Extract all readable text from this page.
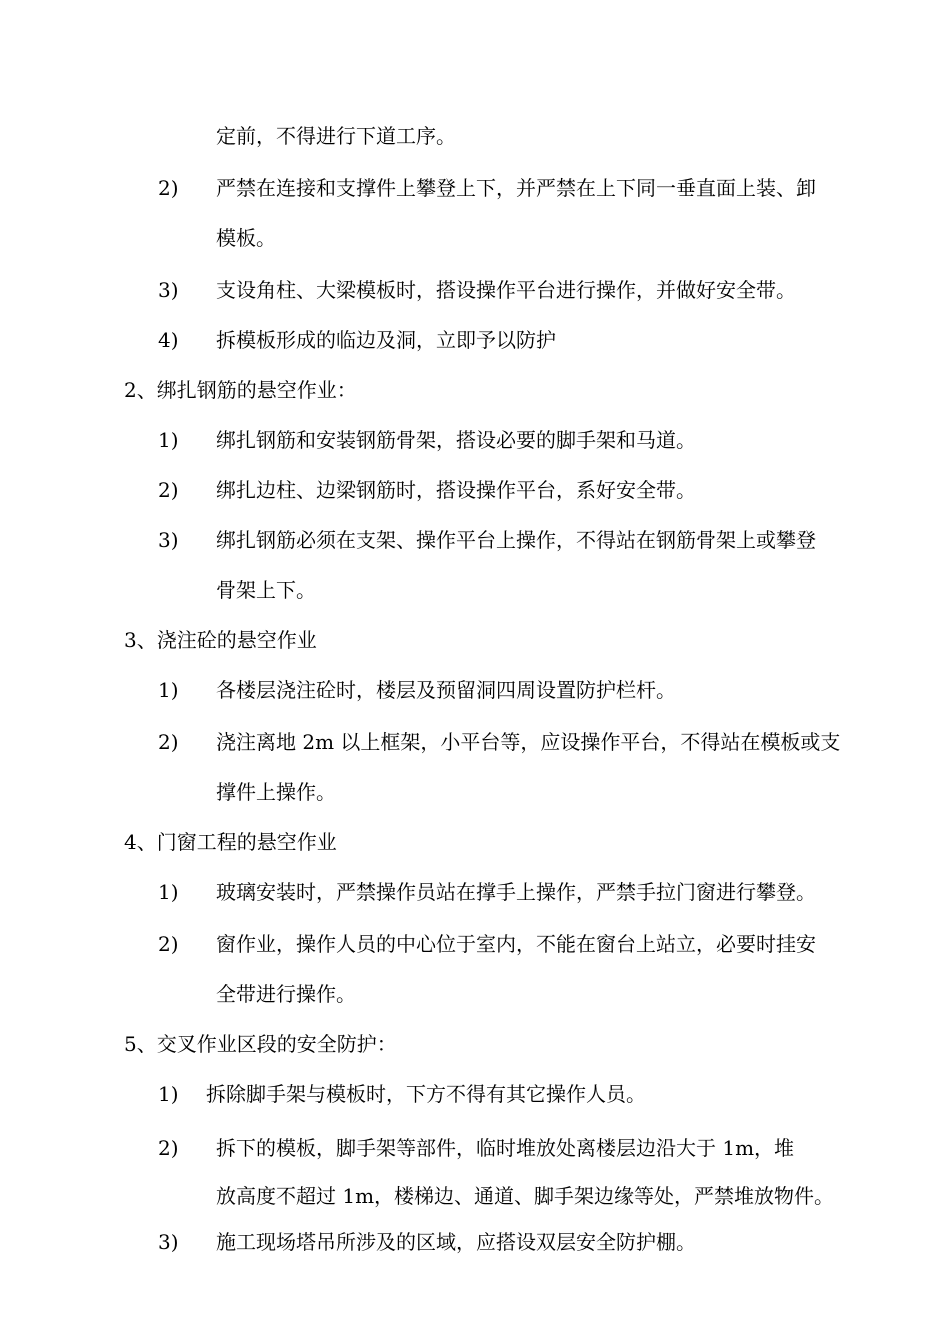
定前，不得进行下道工序。
2) 严禁在连接和支撑件上攀登上下，并严禁在上下同一垂直面上装、卸
模板。
3) 支设角柱、大梁模板时，搭设操作平台进行操作，并做好安全带。
4) 拆模板形成的临边及洞，立即予以防护
2、绑扎钢筋的悬空作业：
1) 绑扎钢筋和安装钢筋骨架，搭设必要的脚手架和马道。
2) 绑扎边柱、边梁钢筋时，搭设操作平台，系好安全带。
3) 绑扎钢筋必须在支架、操作平台上操作，不得站在钢筋骨架上或攀登
骨架上下。
3、浇注砼的悬空作业
1) 各楼层浇注砼时，楼层及预留洞四周设置防护栏杆。
2) 浇注离地 2m 以上框架，小平台等，应设操作平台，不得站在模板或支
撑件上操作。
4、门窗工程的悬空作业
1) 玻璃安装时，严禁操作员站在撑手上操作，严禁手拉门窗进行攀登。
2) 窗作业，操作人员的中心位于室内，不能在窗台上站立，必要时挂安
全带进行操作。
5、交叉作业区段的安全防护：
1) 拆除脚手架与模板时，下方不得有其它操作人员。
2) 拆下的模板，脚手架等部件，临时堆放处离楼层边沿大于 1m，堆
放高度不超过 1m，楼梯边、通道、脚手架边缘等处，严禁堆放物件。
3) 施工现场塔吊所涉及的区域，应搭设双层安全防护棚。
